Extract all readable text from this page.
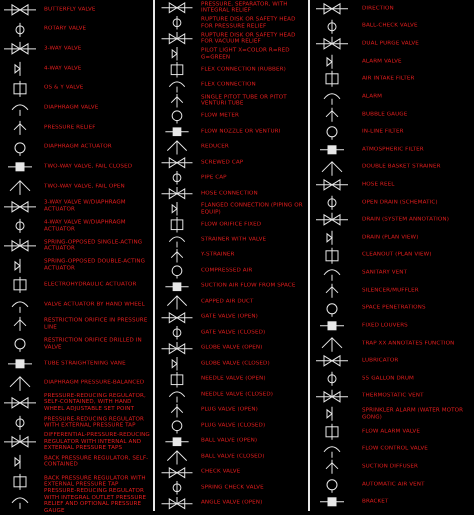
BUTTERFLY VALVE
ROTARY VALVE
3-WAY VALVE
4-WAY VALVE
OS & Y VALVE
DIAPHRAGM VALVE
PRESSURE RELIEF
DIAPHRAGM ACTUATOR
TWO-WAY VALVE, FAIL CLOSED
TWO-WAY VALVE, FAIL OPEN
3-WAY VALVE W/DIAPHRAGM ACTUATOR
4-WAY VALVE W/DIAPHRAGM ACTUATOR
SPRING-OPPOSED SINGLE-ACTING ACTUATOR
SPRING-OPPOSED DOUBLE-ACTING ACTUATOR
ELECTROHYDRAULIC ACTUATOR
VALVE ACTUATOR BY HAND WHEEL
RESTRICTION ORIFICE IN PRESSURE LINE
RESTRICTION ORIFICE DRILLED IN VALVE
TUBE STRAIGHTENING VANE
DIAPHRAGM PRESSURE-BALANCED
PRESSURE-REDUCING REGULATOR, SELF-CONTAINED, WITH HAND WHEEL ADJUSTABLE SET POINT
PRESSURE-REDUCING REGULATOR WITH EXTERNAL PRESSURE TAP
DIFFERENTIAL-PRESSURE-REDUCING REGULATOR WITH INTERNAL AND EXTERNAL PRESSURE TAPS
BACK PRESSURE REGULATOR, SELF-CONTAINED
BACK PRESSURE REGULATOR WITH EXTERNAL PRESSURE TAP
PRESSURE-REDUCING REGULATOR WITH INTEGRAL OUTLET PRESSURE RELIEF AND OPTIONAL PRESSURE GAUGE
PRESSURE, SEPARATOR, WITH INTEGRAL RELIEF
RUPTURE DISK OR SAFETY HEAD FOR PRESSURE RELIEF
RUPTURE DISK OR SAFETY HEAD FOR VACUUM RELIEF
PILOT LIGHT X=COLOR R=RED G=GREEN
FLEX CONNECTION (RUBBER)
FLEX CONNECTION
SINGLE PITOT TUBE OR PITOT VENTURI TUBE
FLOW METER
FLOW NOZZLE OR VENTURI
REDUCER
SCREWED CAP
PIPE CAP
HOSE CONNECTION
FLANGED CONNECTION (PIPING OR EQUIP)
FLOW ORIFICE FIXED
STRAINER WITH VALVE
Y-STRAINER
COMPRESSED AIR
SUCTION AIR FLOW FROM SPACE
CAPPED AIR DUCT
GATE VALVE (OPEN)
GATE VALVE (CLOSED)
GLOBE VALVE (OPEN)
GLOBE VALVE (CLOSED)
NEEDLE VALVE (OPEN)
NEEDLE VALVE (CLOSED)
PLUG VALVE (OPEN)
PLUG VALVE (CLOSED)
BALL VALVE (OPEN)
BALL VALVE (CLOSED)
CHECK VALVE
SPRING CHECK VALVE
ANGLE VALVE (OPEN)
DIRECTION
BALL-CHECK VALVE
DUAL PURGE VALVE
ALARM VALVE
AIR INTAKE FILTER
ALARM
BUBBLE GAUGE
IN-LINE FILTER
ATMOSPHERIC FILTER
DOUBLE BASKET STRAINER
HOSE REEL
OPEN DRAIN (SCHEMATIC)
DRAIN (SYSTEM ANNOTATION)
DRAIN (PLAN VIEW)
CLEANOUT (PLAN VIEW)
SANITARY VENT
SILENCER/MUFFLER
SPACE PENETRATIONS
FIXED LOUVERS
TRAP XX ANNOTATES FUNCTION
LUBRICATOR
55 GALLON DRUM
THERMOSTATIC VENT
SPRINKLER ALARM (WATER MOTOR GONG)
FLOW ALARM VALVE
FLOW CONTROL VALVE
SUCTION DIFFUSER
AUTOMATIC AIR VENT
BRACKET
